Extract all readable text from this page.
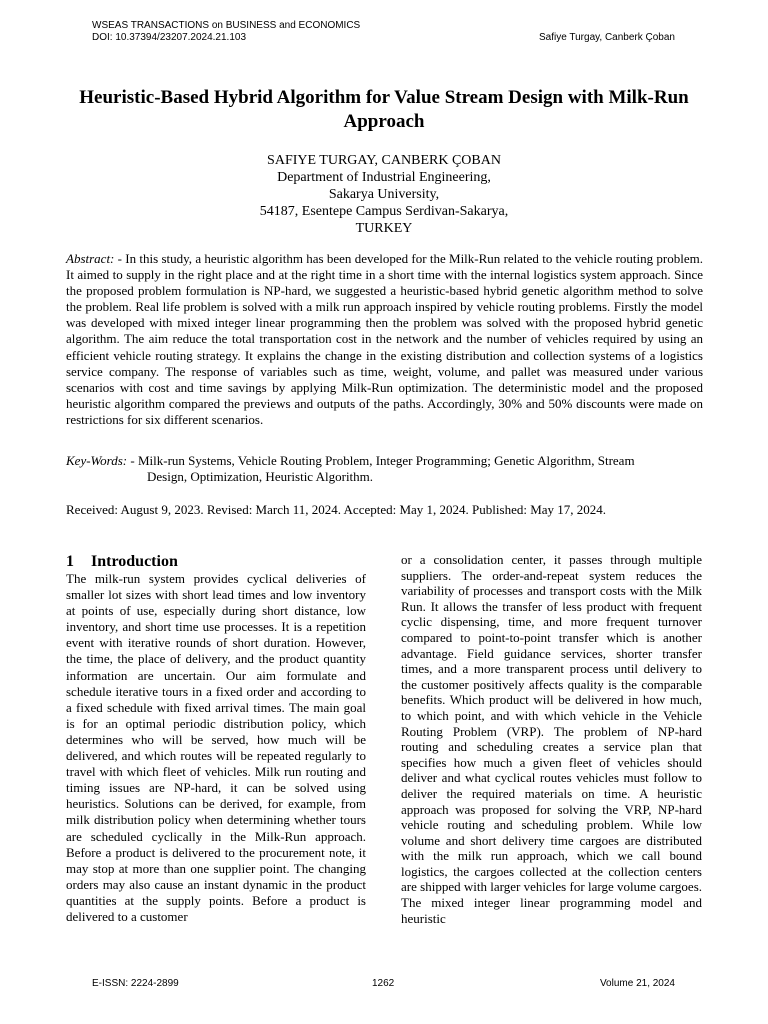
WSEAS TRANSACTIONS on BUSINESS and ECONOMICS
DOI: 10.37394/23207.2024.21.103	Safiye Turgay, Canberk Çoban
Heuristic-Based Hybrid Algorithm for Value Stream Design with Milk-Run Approach
SAFIYE TURGAY, CANBERK ÇOBAN
Department of Industrial Engineering,
Sakarya University,
54187, Esentepe Campus Serdivan-Sakarya,
TURKEY
Abstract: - In this study, a heuristic algorithm has been developed for the Milk-Run related to the vehicle routing problem. It aimed to supply in the right place and at the right time in a short time with the internal logistics system approach. Since the proposed problem formulation is NP-hard, we suggested a heuristic-based hybrid genetic algorithm method to solve the problem. Real life problem is solved with a milk run approach inspired by vehicle routing problems. Firstly the model was developed with mixed integer linear programming then the problem was solved with the proposed hybrid genetic algorithm. The aim reduce the total transportation cost in the network and the number of vehicles required by using an efficient vehicle routing strategy. It explains the change in the existing distribution and collection systems of a logistics service company. The response of variables such as time, weight, volume, and pallet was measured under various scenarios with cost and time savings by applying Milk-Run optimization. The deterministic model and the proposed heuristic algorithm compared the previews and outputs of the paths. Accordingly, 30% and 50% discounts were made on restrictions for six different scenarios.
Key-Words:
- Milk-run Systems, Vehicle Routing Problem, Integer Programming; Genetic Algorithm, Stream
Design, Optimization, Heuristic Algorithm.
Received: August 9, 2023. Revised: March 11, 2024. Accepted: May 1, 2024. Published: May 17, 2024.
1 Introduction

The milk-run system provides cyclical deliveries of smaller lot sizes with short lead times and low inventory at points of use, especially during short distance, low inventory, and short time use processes. It is a repetition event with iterative rounds of short duration. However, the time, the place of delivery, and the product quantity information are uncertain. Our aim formulate and schedule iterative tours in a fixed order and according to a fixed schedule with fixed arrival times. The main goal is for an optimal periodic distribution policy, which determines who will be served, how much will be delivered, and which routes will be repeated regularly to travel with which fleet of vehicles. Milk run routing and timing issues are NP-hard, it can be solved using heuristics. Solutions can be derived, for example, from milk distribution policy when determining whether tours are scheduled cyclically in the Milk-Run approach. Before a product is delivered to the procurement note, it may stop at more than one supplier point. The changing orders may also cause an instant dynamic in the product quantities at the supply points. Before a product is delivered to a customer

or a consolidation center, it passes through multiple suppliers. The order-and-repeat system reduces the variability of processes and transport costs with the Milk Run. It allows the transfer of less product with frequent cyclic dispensing, time, and more frequent turnover compared to point-to-point transfer which is another advantage. Field guidance services, shorter transfer times, and a more transparent process until delivery to the customer positively affects quality is the comparable benefits. Which product will be delivered in how much, to which point, and with which vehicle in the Vehicle Routing Problem (VRP). The problem of NP-hard routing and scheduling creates a service plan that specifies how much a given fleet of vehicles should deliver and what cyclical routes vehicles must follow to deliver the required materials on time. A heuristic approach was proposed for solving the VRP, NP-hard vehicle routing and scheduling problem. While low volume and short delivery time cargoes are distributed with the milk run approach, which we call bound logistics, the cargoes collected at the collection centers are shipped with larger vehicles for large volume cargoes. The mixed integer linear programming model and heuristic

E-ISSN: 2224-2899	1262	Volume 21, 2024
